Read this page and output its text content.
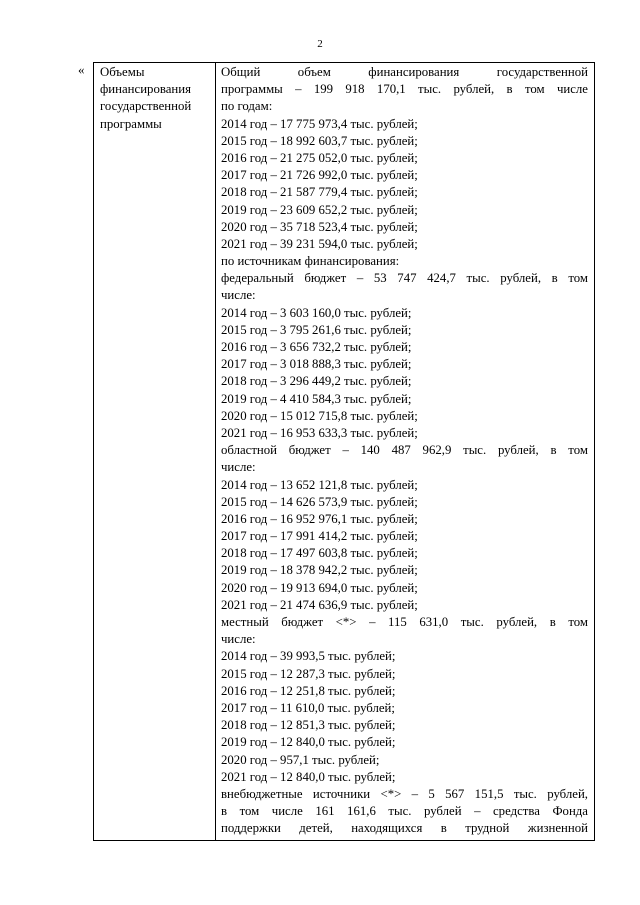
2
« Объемы
финансирования
государственной
программы
Общий объем финансирования государственной
программы – 199 918 170,1 тыс. рублей, в том числе
по годам:
2014 год – 17 775 973,4 тыс. рублей;
2015 год – 18 992 603,7 тыс. рублей;
2016 год – 21 275 052,0 тыс. рублей;
2017 год – 21 726 992,0 тыс. рублей;
2018 год – 21 587 779,4 тыс. рублей;
2019 год – 23 609 652,2 тыс. рублей;
2020 год – 35 718 523,4 тыс. рублей;
2021 год – 39 231 594,0 тыс. рублей;
по источникам финансирования:
федеральный бюджет – 53 747 424,7 тыс. рублей, в том
числе:
2014 год – 3 603 160,0 тыс. рублей;
2015 год – 3 795 261,6 тыс. рублей;
2016 год – 3 656 732,2 тыс. рублей;
2017 год – 3 018 888,3 тыс. рублей;
2018 год – 3 296 449,2 тыс. рублей;
2019 год – 4 410 584,3 тыс. рублей;
2020 год – 15 012 715,8 тыс. рублей;
2021 год – 16 953 633,3 тыс. рублей;
областной бюджет – 140 487 962,9 тыс. рублей, в том
числе:
2014 год – 13 652 121,8 тыс. рублей;
2015 год – 14 626 573,9 тыс. рублей;
2016 год – 16 952 976,1 тыс. рублей;
2017 год – 17 991 414,2 тыс. рублей;
2018 год – 17 497 603,8 тыс. рублей;
2019 год – 18 378 942,2 тыс. рублей;
2020 год – 19 913 694,0 тыс. рублей;
2021 год – 21 474 636,9 тыс. рублей;
местный бюджет <*> – 115 631,0 тыс. рублей, в том
числе:
2014 год – 39 993,5 тыс. рублей;
2015 год – 12 287,3 тыс. рублей;
2016 год – 12 251,8 тыс. рублей;
2017 год – 11 610,0 тыс. рублей;
2018 год – 12 851,3 тыс. рублей;
2019 год – 12 840,0 тыс. рублей;
2020 год – 957,1 тыс. рублей;
2021 год – 12 840,0 тыс. рублей;
внебюджетные источники <*> – 5 567 151,5 тыс. рублей,
в том числе 161 161,6 тыс. рублей – средства Фонда
поддержки детей, находящихся в трудной жизненной
